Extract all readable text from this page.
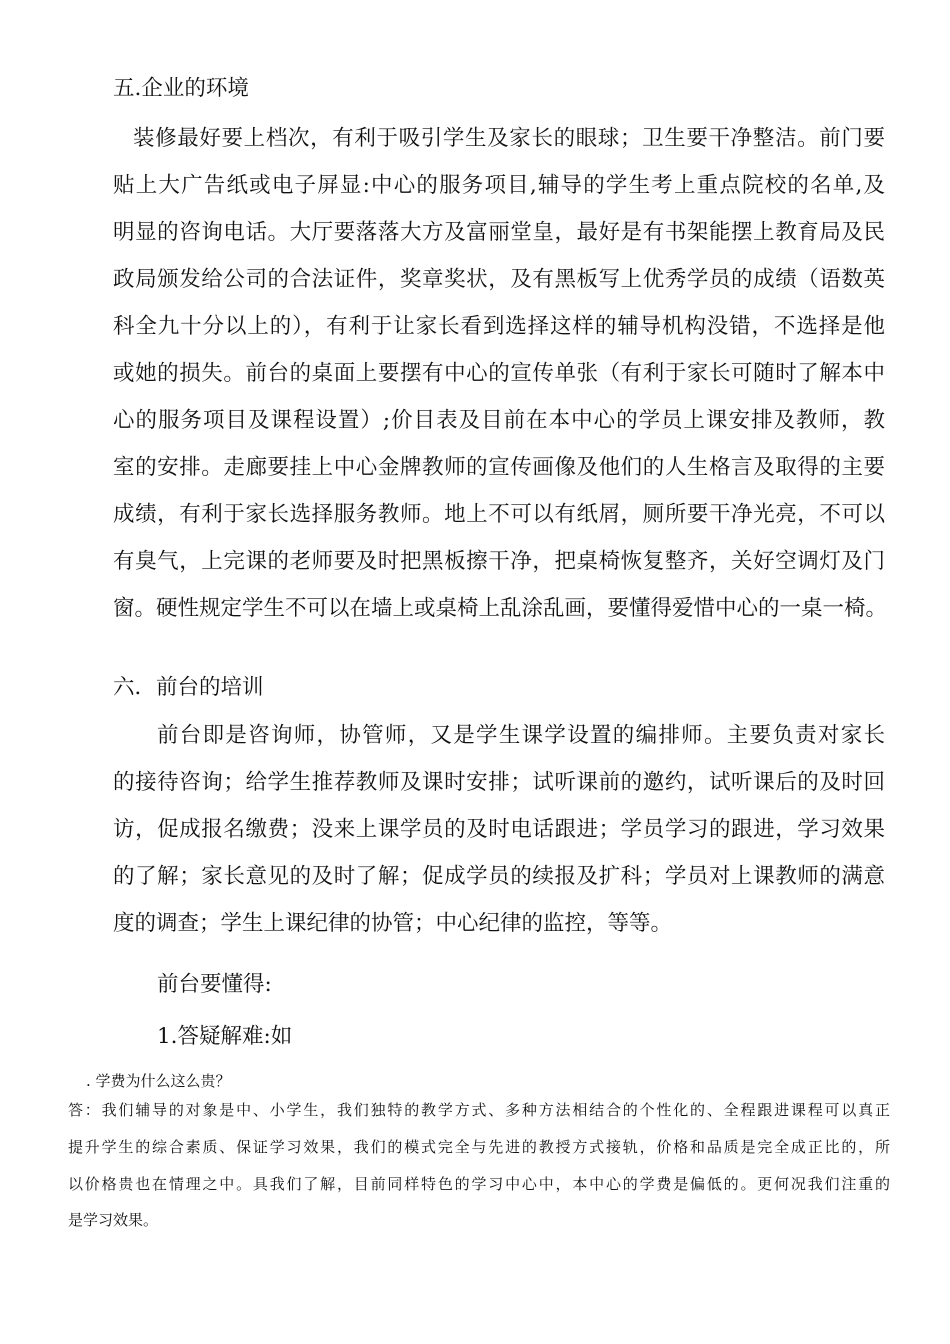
五.企业的环境
装修最好要上档次，有利于吸引学生及家长的眼球；卫生要干净整洁。前门要
贴上大广告纸或电子屏显:中心的服务项目,辅导的学生考上重点院校的名单,及
明显的咨询电话。大厅要落落大方及富丽堂皇，最好是有书架能摆上教育局及民
政局颁发给公司的合法证件，奖章奖状，及有黑板写上优秀学员的成绩（语数英
科全九十分以上的），有利于让家长看到选择这样的辅导机构没错，不选择是他
或她的损失。前台的桌面上要摆有中心的宣传单张（有利于家长可随时了解本中
心的服务项目及课程设置）;价目表及目前在本中心的学员上课安排及教师，教
室的安排。走廊要挂上中心金牌教师的宣传画像及他们的人生格言及取得的主要
成绩，有利于家长选择服务教师。地上不可以有纸屑，厕所要干净光亮，不可以
有臭气，上完课的老师要及时把黑板擦干净，把桌椅恢复整齐，关好空调灯及门
窗。硬性规定学生不可以在墙上或桌椅上乱涂乱画，要懂得爱惜中心的一桌一椅。
六．前台的培训
前台即是咨询师，协管师，又是学生课学设置的编排师。主要负责对家长
的接待咨询；给学生推荐教师及课时安排；试听课前的邀约，试听课后的及时回
访，促成报名缴费；没来上课学员的及时电话跟进；学员学习的跟进，学习效果
的了解；家长意见的及时了解；促成学员的续报及扩科；学员对上课教师的满意
度的调查；学生上课纪律的协管；中心纪律的监控，等等。
前台要懂得:
1.答疑解难:如
. 学费为什么这么贵？
答：我们辅导的对象是中、小学生，我们独特的教学方式、多种方法相结合的个性化的、全程跟进课程可以真正
提升学生的综合素质、保证学习效果，我们的模式完全与先进的教授方式接轨，价格和品质是完全成正比的，所
以价格贵也在情理之中。具我们了解，目前同样特色的学习中心中，本中心的学费是偏低的。更何况我们注重的
是学习效果。
